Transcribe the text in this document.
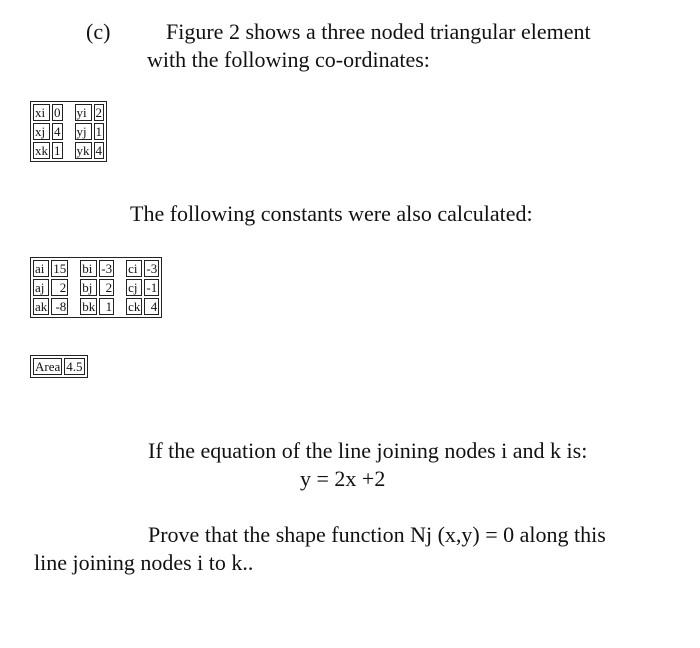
(c)	Figure 2 shows a three noded triangular element
with the following co-ordinates:
xi	0		yi	2
xj	4		yj	1
xk	1		yk	4
The following constants were also calculated:
ai	15		bi	-3		ci	-3
aj	2		bj	2		cj	-1
ak	-8		bk	1		ck	4
Area	4.5
If the equation of the line joining nodes i and k is:
y = 2x +2
Prove that the shape function Nj (x,y) = 0 along this
line joining nodes i to k..
